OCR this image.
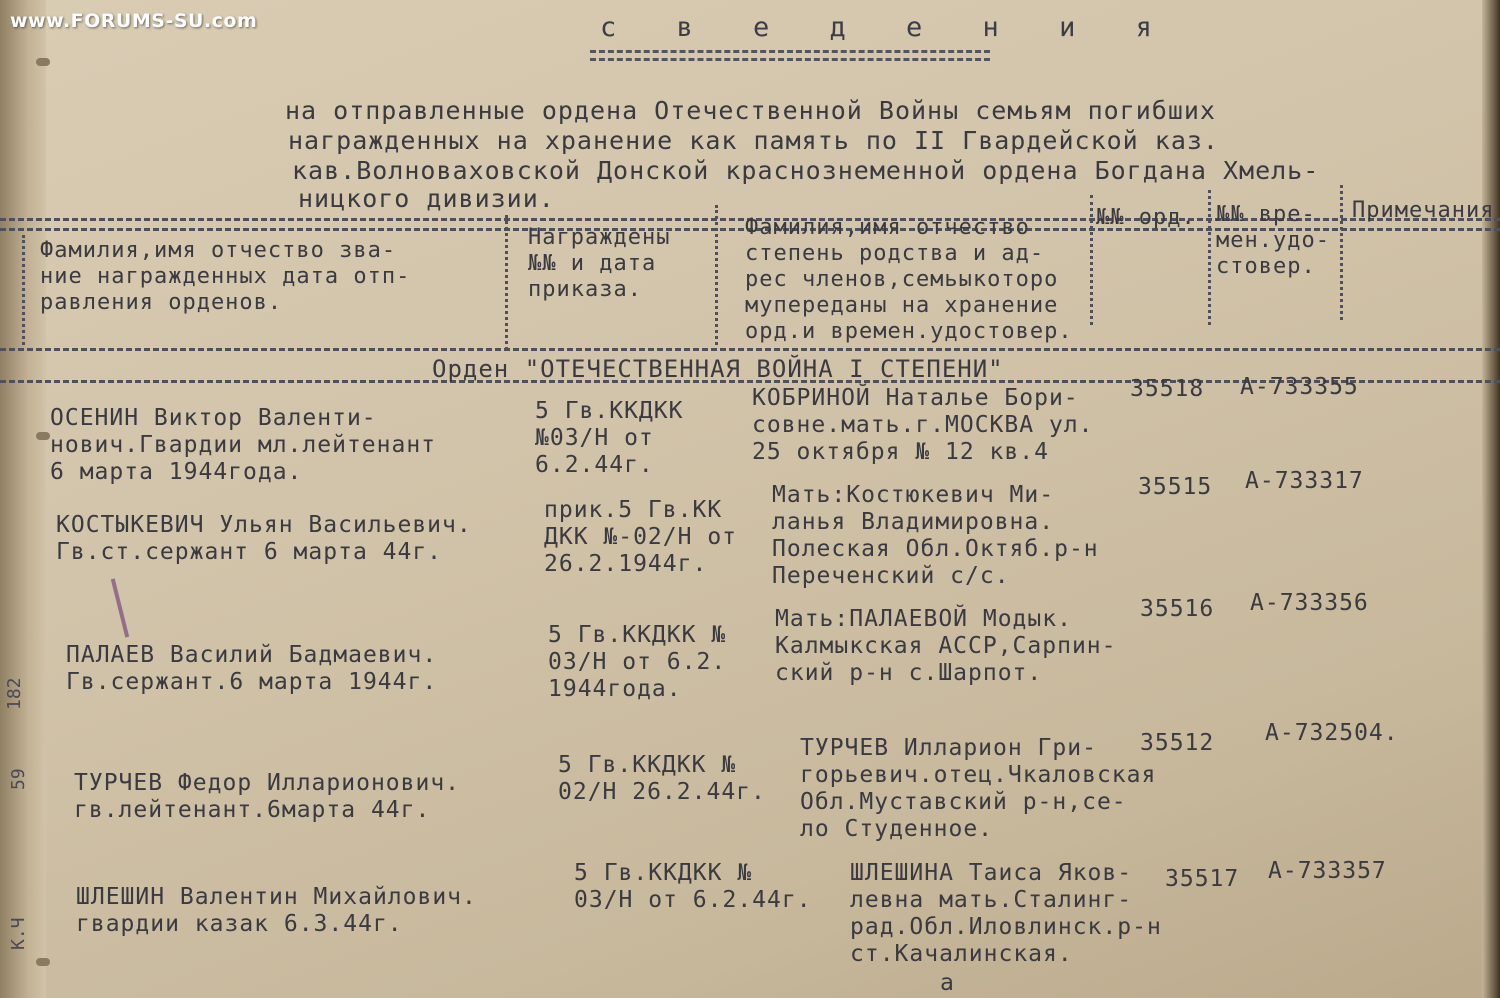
www.FORUMS-SU.com
182
59
К.Ч
с в е д е н и я
на отправленные ордена Отечественной Войны семьям погибших
награжденных на хранение как память по II Гвардейской каз.
кав.Волноваховской Донской краснознеменной ордена Богдана Хмель-
ницкого дивизии.
Фамилия,имя отчество зва-
ние награжденных дата отп-
равления орденов.
Награждены
№№ и дата
приказа.
Фамилия,имя отчество
степень родства и ад-
рес членов,семьыкоторо
мупереданы на хранение
орд.и времен.удостовер.
№№ орд. №№ вре-
мен.удо-
стовер.
Примечания
Орден "ОТЕЧЕСТВЕННАЯ ВОЙНА I СТЕПЕНИ"
ОСЕНИН Виктор Валенти-
нович.Гвардии мл.лейтенант
6 марта 1944года.
5 Гв.ККДКК
№03/Н от
6.2.44г.
КОБРИНОЙ Наталье Бори-
совне.мать.г.МОСКВА ул.
25 октября № 12 кв.4
35518 А-733355
КОСТЫКЕВИЧ Ульян Васильевич.
Гв.ст.сержант 6 марта 44г.
прик.5 Гв.КК
ДКК №-02/Н от
26.2.1944г.
Мать:Костюкевич Ми-
ланья Владимировна.
Полеская Обл.Октяб.р-н
Переченский с/с.
35515 А-733317
ПАЛАЕВ Василий Бадмаевич.
Гв.сержант.6 марта 1944г.
5 Гв.ККДКК №
03/Н от 6.2.
1944года.
Мать:ПАЛАЕВОЙ Модык.
Калмыкская АССР,Сарпин-
ский р-н с.Шарпот.
35516 А-733356
ТУРЧЕВ Федор Илларионович.
гв.лейтенант.6марта 44г.
5 Гв.ККДКК №
02/Н 26.2.44г.
ТУРЧЕВ Илларион Гри-
горьевич.отец.Чкаловская
Обл.Муставский р-н,се-
ло Студенное.
35512 А-732504.
ШЛЕШИН Валентин Михайлович.
гвардии казак 6.3.44г.
5 Гв.ККДКК №
03/Н от 6.2.44г.
ШЛЕШИНА Таиса Яков-
левна мать.Сталинг-
рад.Обл.Иловлинск.р-н
ст.Качалинская.
35517 А-733357
а
